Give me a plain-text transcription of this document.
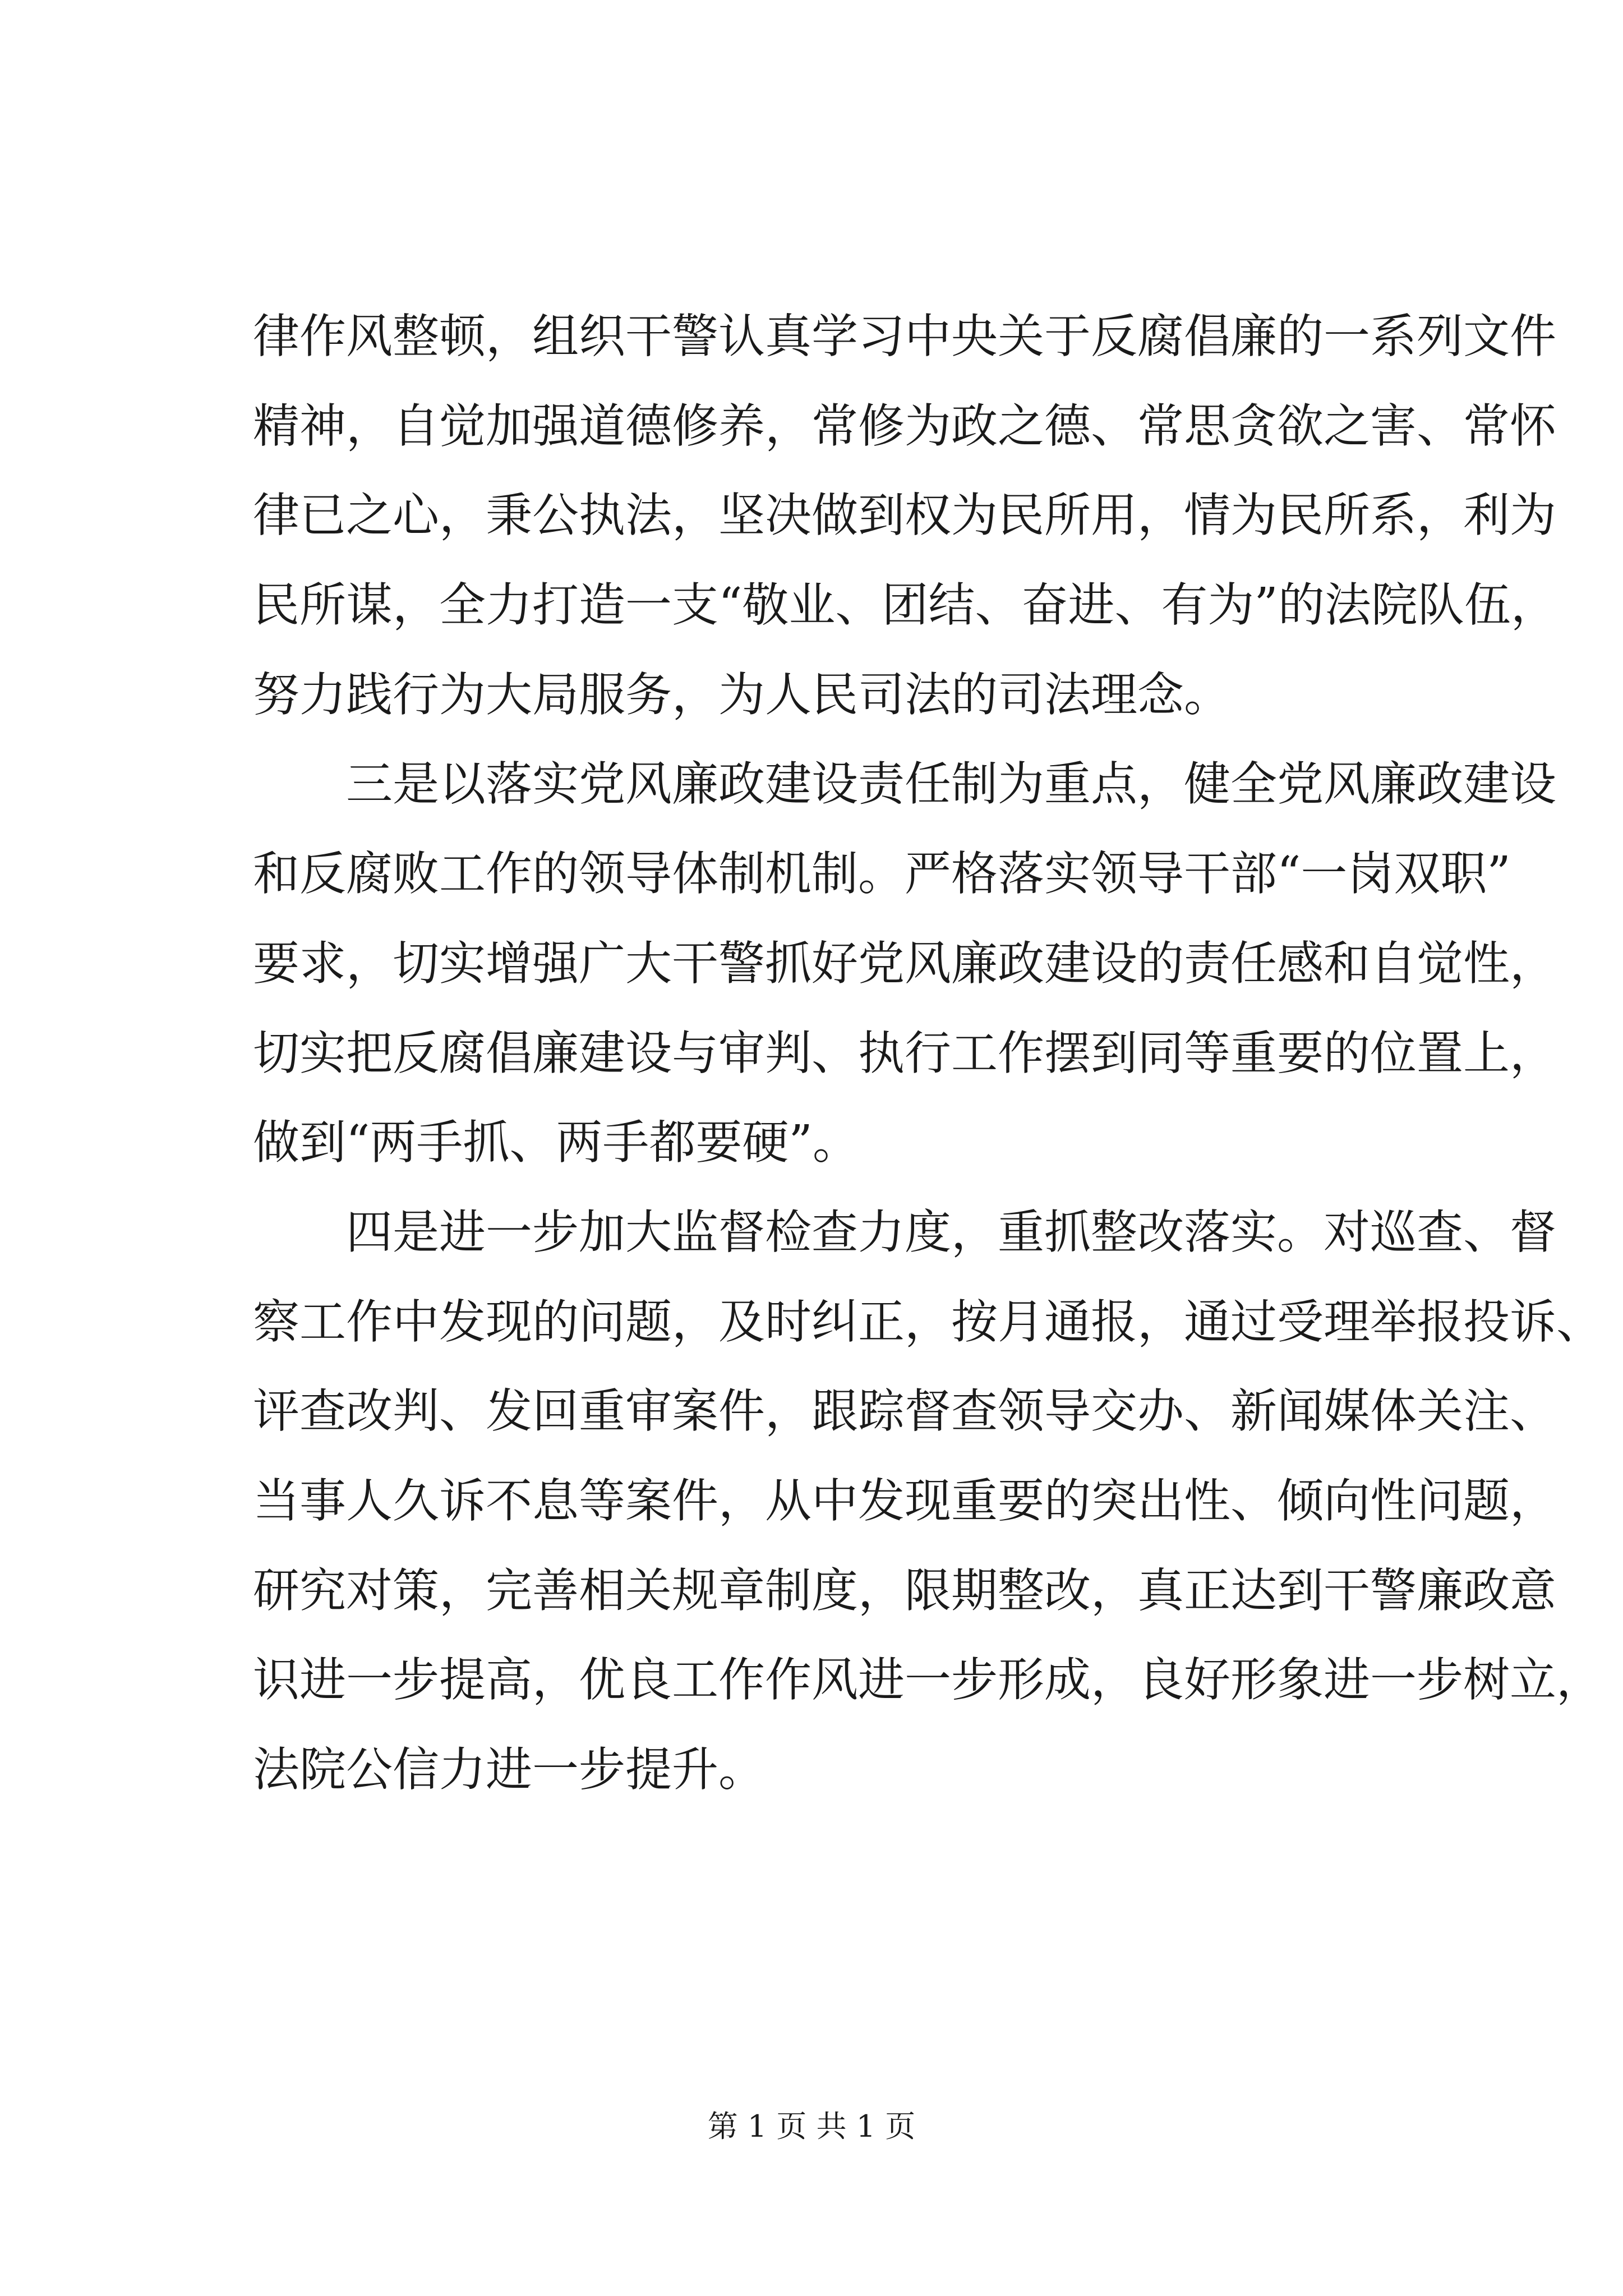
律作风整顿，组织干警认真学习中央关于反腐倡廉的一系列文件
精神，自觉加强道德修养，常修为政之德、常思贪欲之害、常怀
律已之心，秉公执法，坚决做到权为民所用，情为民所系，利为
民所谋，全力打造一支“敬业、团结、奋进、有为”的法院队伍，
努力践行为大局服务，为人民司法的司法理念。
三是以落实党风廉政建设责任制为重点，健全党风廉政建设
和反腐败工作的领导体制机制。严格落实领导干部“一岗双职”
要求，切实增强广大干警抓好党风廉政建设的责任感和自觉性，
切实把反腐倡廉建设与审判、执行工作摆到同等重要的位置上，
做到“两手抓、两手都要硬”。
四是进一步加大监督检查力度，重抓整改落实。对巡查、督
察工作中发现的问题，及时纠正，按月通报，通过受理举报投诉、
评查改判、发回重审案件，跟踪督查领导交办、新闻媒体关注、
当事人久诉不息等案件，从中发现重要的突出性、倾向性问题，
研究对策，完善相关规章制度，限期整改，真正达到干警廉政意
识进一步提高，优良工作作风进一步形成，良好形象进一步树立，
法院公信力进一步提升。
第 1 页 共 1 页
